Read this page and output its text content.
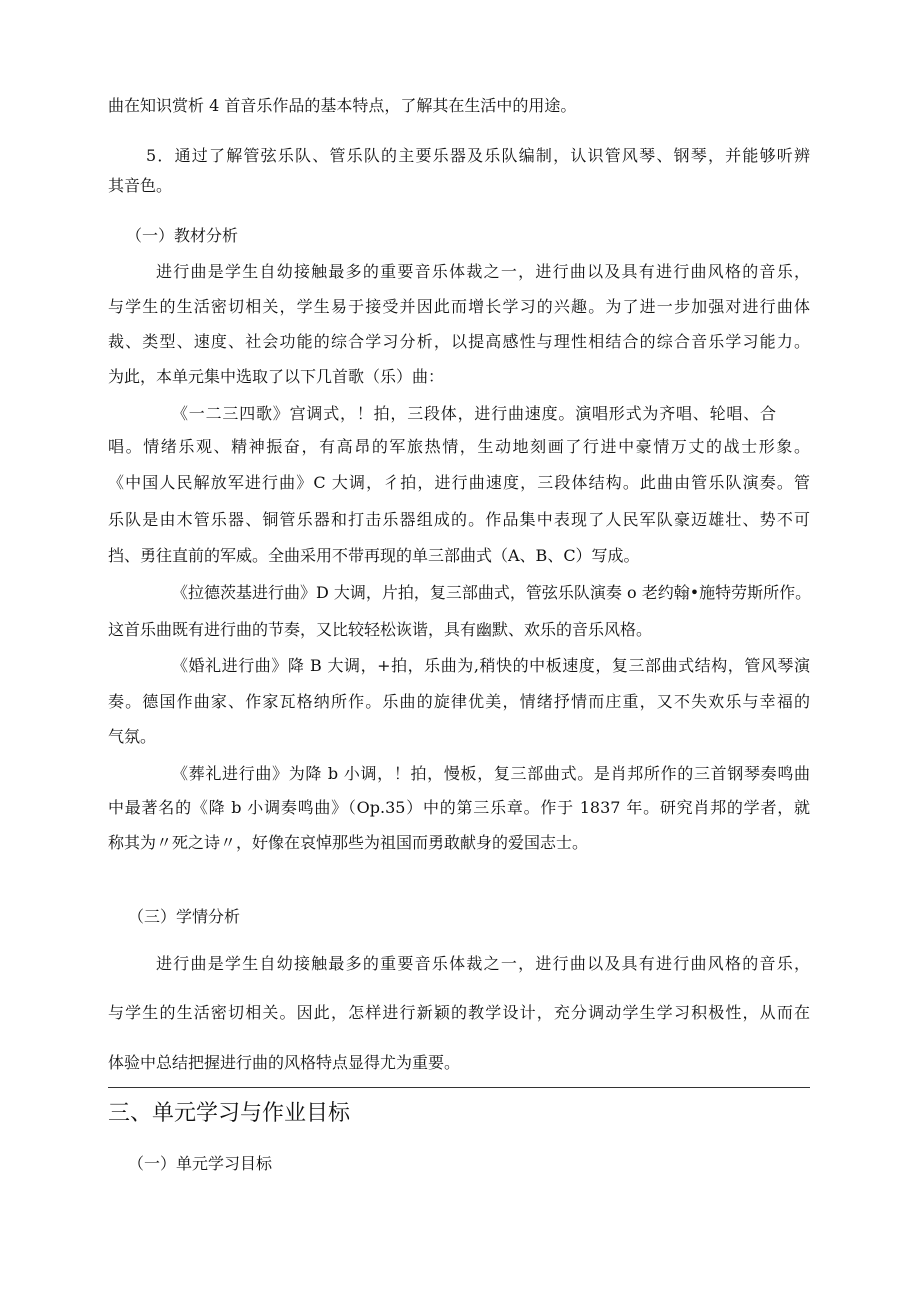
曲在知识赏析 4 首音乐作品的基本特点，了解其在生活中的用途。

5．通过了解管弦乐队、管乐队的主要乐器及乐队编制，认识管风琴、钢琴，并能够听辨

其音色。

（一）教材分析

进行曲是学生自幼接触最多的重要音乐体裁之一，进行曲以及具有进行曲风格的音乐，

与学生的生活密切相关，学生易于接受并因此而增长学习的兴趣。为了进一步加强对进行曲体

裁、类型、速度、社会功能的综合学习分析，以提高感性与理性相结合的综合音乐学习能力。

为此，本单元集中选取了以下几首歌（乐）曲：

《一二三四歌》宫调式，！拍，三段体，进行曲速度。演唱形式为齐唱、轮唱、合

唱。情绪乐观、精神振奋，有高昂的军旅热情，生动地刻画了行进中豪情万丈的战士形象。

《中国人民解放军进行曲》C 大调，彳拍，进行曲速度，三段体结构。此曲由管乐队演奏。管

乐队是由木管乐器、铜管乐器和打击乐器组成的。作品集中表现了人民军队豪迈雄壮、势不可

挡、勇往直前的军威。全曲采用不带再现的单三部曲式（A、B、C）写成。

《拉德茨基进行曲》D 大调，片拍，复三部曲式，管弦乐队演奏 o 老约翰•施特劳斯所作。

这首乐曲既有进行曲的节奏，又比较轻松诙谐，具有幽默、欢乐的音乐风格。

《婚礼进行曲》降 B 大调，+拍，乐曲为,稍快的中板速度，复三部曲式结构，管风琴演

奏。德国作曲家、作家瓦格纳所作。乐曲的旋律优美，情绪抒情而庄重，又不失欢乐与幸福的

气氛。

《葬礼进行曲》为降 b 小调，！拍，慢板，复三部曲式。是肖邦所作的三首钢琴奏鸣曲

中最著名的《降 b 小调奏鸣曲》（Op.35）中的第三乐章。作于 1837 年。研究肖邦的学者，就

称其为〃死之诗〃，好像在哀悼那些为祖国而勇敢献身的爱国志士。

（三）学情分析

进行曲是学生自幼接触最多的重要音乐体裁之一，进行曲以及具有进行曲风格的音乐，

与学生的生活密切相关。因此，怎样进行新颖的教学设计，充分调动学生学习积极性，从而在

体验中总结把握进行曲的风格特点显得尤为重要。

三、单元学习与作业目标

（一）单元学习目标
